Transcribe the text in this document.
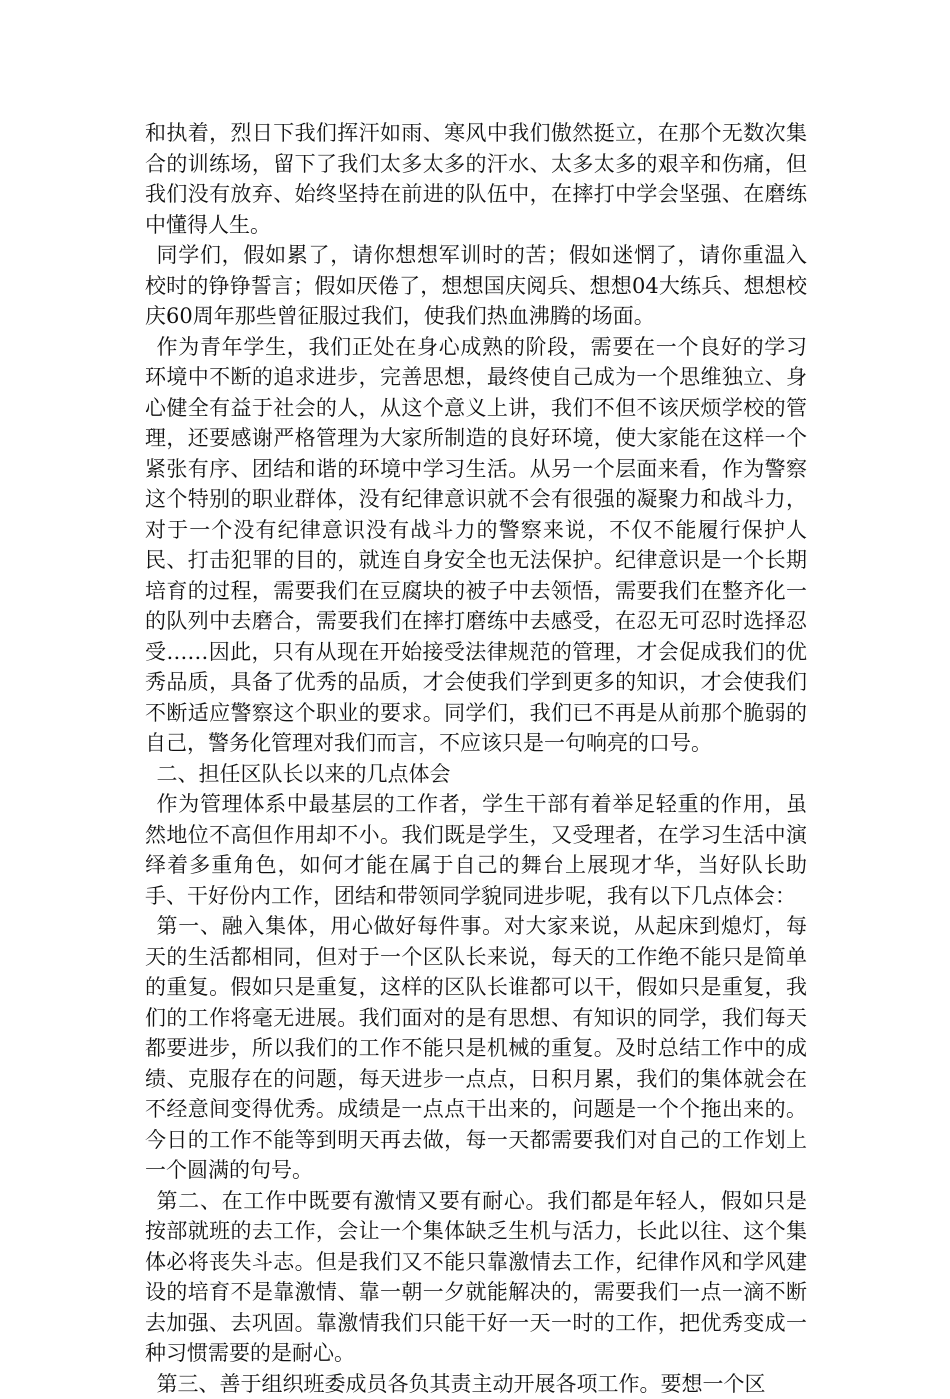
和执着，烈日下我们挥汗如雨、寒风中我们傲然挺立，在那个无数次集合的训练场，留下了我们太多太多的汗水、太多太多的艰辛和伤痛，但我们没有放弃、始终坚持在前进的队伍中，在摔打中学会坚强、在磨练中懂得人生。

同学们，假如累了，请你想想军训时的苦；假如迷惘了，请你重温入校时的铮铮誓言；假如厌倦了，想想国庆阅兵、想想04大练兵、想想校庆60周年那些曾征服过我们，使我们热血沸腾的场面。

作为青年学生，我们正处在身心成熟的阶段，需要在一个良好的学习环境中不断的追求进步，完善思想，最终使自己成为一个思维独立、身心健全有益于社会的人，从这个意义上讲，我们不但不该厌烦学校的管理，还要感谢严格管理为大家所制造的良好环境，使大家能在这样一个紧张有序、团结和谐的环境中学习生活。从另一个层面来看，作为警察这个特别的职业群体，没有纪律意识就不会有很强的凝聚力和战斗力，对于一个没有纪律意识没有战斗力的警察来说，不仅不能履行保护人民、打击犯罪的目的，就连自身安全也无法保护。纪律意识是一个长期培育的过程，需要我们在豆腐块的被子中去领悟，需要我们在整齐化一的队列中去磨合，需要我们在摔打磨练中去感受，在忍无可忍时选择忍受……因此，只有从现在开始接受法律规范的管理，才会促成我们的优秀品质，具备了优秀的品质，才会使我们学到更多的知识，才会使我们不断适应警察这个职业的要求。同学们，我们已不再是从前那个脆弱的自己，警务化管理对我们而言，不应该只是一句响亮的口号。

二、担任区队长以来的几点体会

作为管理体系中最基层的工作者，学生干部有着举足轻重的作用，虽然地位不高但作用却不小。我们既是学生，又受理者，在学习生活中演绎着多重角色，如何才能在属于自己的舞台上展现才华，当好队长助手、干好份内工作，团结和带领同学貌同进步呢，我有以下几点体会：

第一、融入集体，用心做好每件事。对大家来说，从起床到熄灯，每天的生活都相同，但对于一个区队长来说，每天的工作绝不能只是简单的重复。假如只是重复，这样的区队长谁都可以干，假如只是重复，我们的工作将毫无进展。我们面对的是有思想、有知识的同学，我们每天都要进步，所以我们的工作不能只是机械的重复。及时总结工作中的成绩、克服存在的问题，每天进步一点点，日积月累，我们的集体就会在不经意间变得优秀。成绩是一点点干出来的，问题是一个个拖出来的。今日的工作不能等到明天再去做，每一天都需要我们对自己的工作划上一个圆满的句号。

第二、在工作中既要有激情又要有耐心。我们都是年轻人，假如只是按部就班的去工作，会让一个集体缺乏生机与活力，长此以往、这个集体必将丧失斗志。但是我们又不能只靠激情去工作，纪律作风和学风建设的培育不是靠激情、靠一朝一夕就能解决的，需要我们一点一滴不断去加强、去巩固。靠激情我们只能干好一天一时的工作，把优秀变成一种习惯需要的是耐心。

第三、善于组织班委成员各负其责主动开展各项工作。要想一个区
